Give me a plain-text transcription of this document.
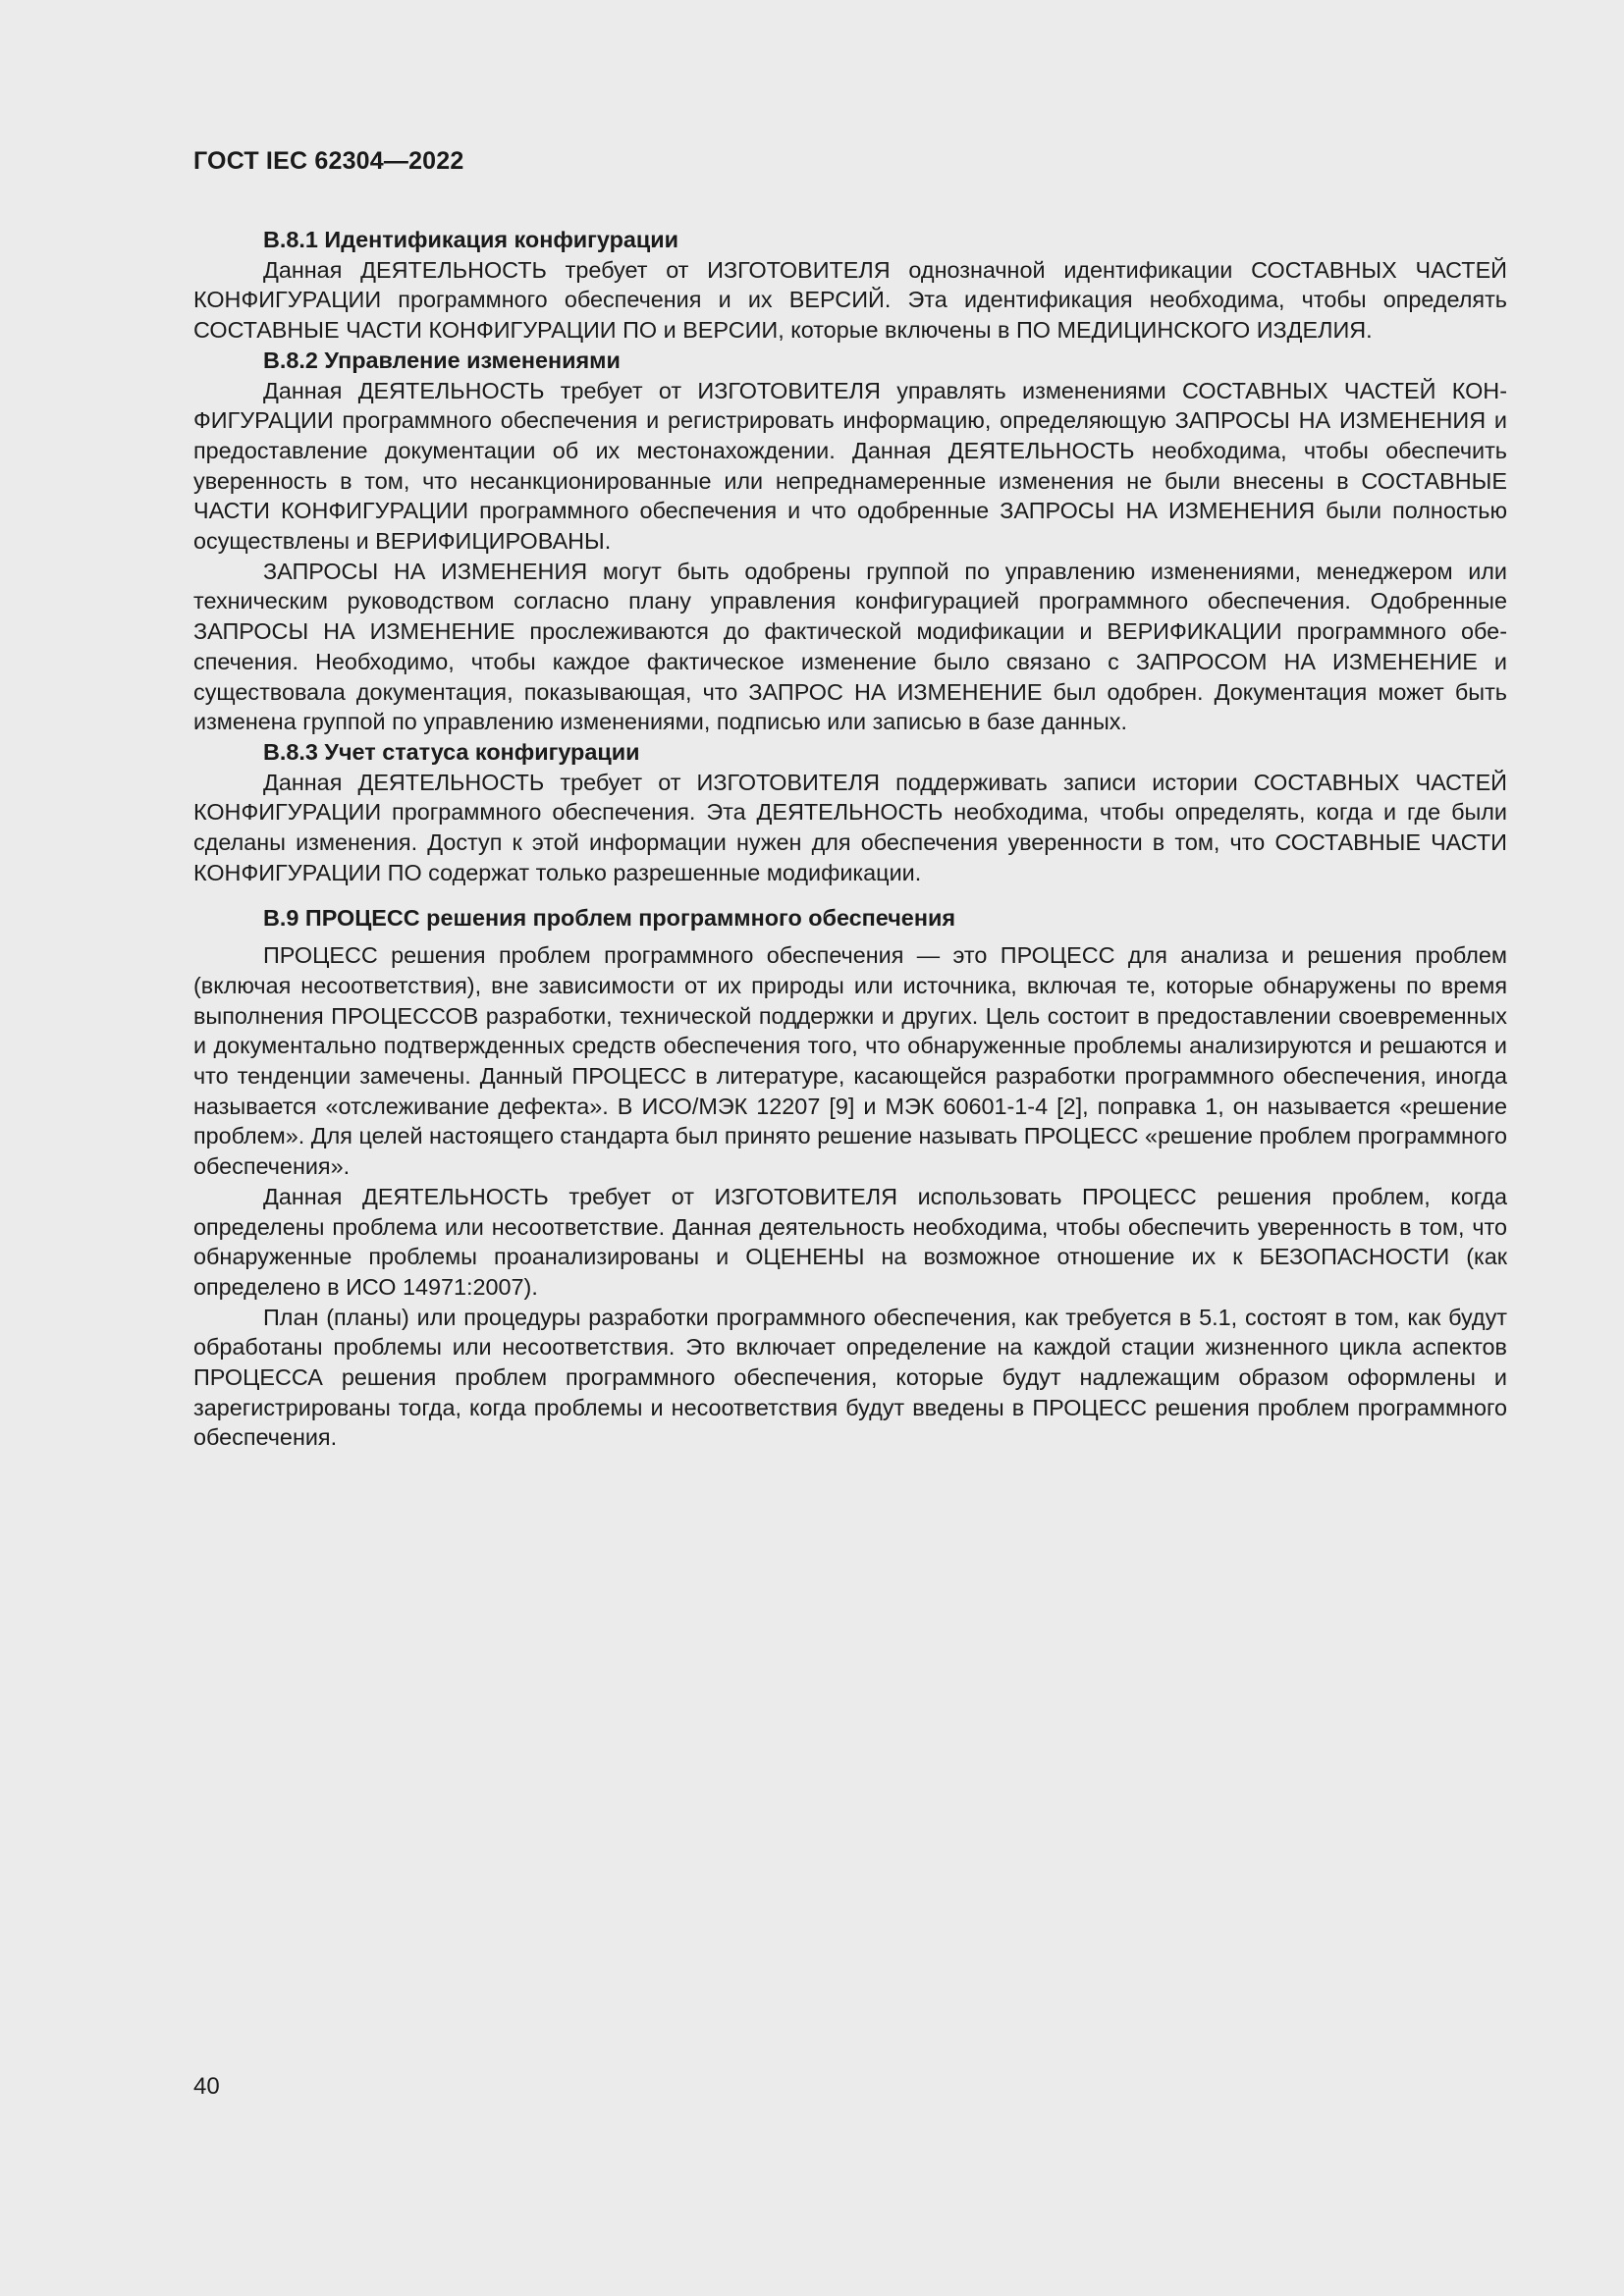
ГОСТ IEC 62304—2022
B.8.1 Идентификация конфигурации

Данная ДЕЯТЕЛЬНОСТЬ требует от ИЗГОТОВИТЕЛЯ однозначной идентификации СОСТАВНЫХ ЧАСТЕЙ КОНФИГУРАЦИИ программного обеспечения и их ВЕРСИЙ. Эта идентификация необходима, чтобы определять СОСТАВНЫЕ ЧАСТИ КОНФИГУРАЦИИ ПО и ВЕРСИИ, которые включены в ПО МЕДИЦИНСКОГО ИЗДЕЛИЯ.

B.8.2 Управление изменениями

Данная ДЕЯТЕЛЬНОСТЬ требует от ИЗГОТОВИТЕЛЯ управлять изменениями СОСТАВНЫХ ЧАСТЕЙ КОНФИГУРАЦИИ программного обеспечения и регистрировать информацию, определяющую ЗАПРОСЫ НА ИЗМЕНЕНИЯ и предоставление документации об их местонахождении. Данная ДЕЯТЕЛЬНОСТЬ необходима, чтобы обеспечить уверенность в том, что несанкционированные или непреднамеренные изменения не были внесены в СОСТАВНЫЕ ЧАСТИ КОНФИГУРАЦИИ программного обеспечения и что одобренные ЗАПРОСЫ НА ИЗМЕНЕНИЯ были полностью осуществлены и ВЕРИФИЦИРОВАНЫ.

ЗАПРОСЫ НА ИЗМЕНЕНИЯ могут быть одобрены группой по управлению изменениями, менеджером или техническим руководством согласно плану управления конфигурацией программного обеспечения. Одобренные ЗАПРОСЫ НА ИЗМЕНЕНИЕ прослеживаются до фактической модификации и ВЕРИФИКАЦИИ программного обеспечения. Необходимо, чтобы каждое фактическое изменение было связано с ЗАПРОСОМ НА ИЗМЕНЕНИЕ и существовала документация, показывающая, что ЗАПРОС НА ИЗМЕНЕНИЕ был одобрен. Документация может быть изменена группой по управлению изменениями, подписью или записью в базе данных.

B.8.3 Учет статуса конфигурации

Данная ДЕЯТЕЛЬНОСТЬ требует от ИЗГОТОВИТЕЛЯ поддерживать записи истории СОСТАВНЫХ ЧАСТЕЙ КОНФИГУРАЦИИ программного обеспечения. Эта ДЕЯТЕЛЬНОСТЬ необходима, чтобы определять, когда и где были сделаны изменения. Доступ к этой информации нужен для обеспечения уверенности в том, что СОСТАВНЫЕ ЧАСТИ КОНФИГУРАЦИИ ПО содержат только разрешенные модификации.

B.9 ПРОЦЕСС решения проблем программного обеспечения

ПРОЦЕСС решения проблем программного обеспечения — это ПРОЦЕСС для анализа и решения проблем (включая несоответствия), вне зависимости от их природы или источника, включая те, которые обнаружены по время выполнения ПРОЦЕССОВ разработки, технической поддержки и других. Цель состоит в предоставлении своевременных и документально подтвержденных средств обеспечения того, что обнаруженные проблемы анализируются и решаются и что тенденции замечены. Данный ПРОЦЕСС в литературе, касающейся разработки программного обеспечения, иногда называется «отслеживание дефекта». В ИСО/МЭК 12207 [9] и МЭК 60601-1-4 [2], поправка 1, он называется «решение проблем». Для целей настоящего стандарта был принято решение называть ПРОЦЕСС «решение проблем программного обеспечения».

Данная ДЕЯТЕЛЬНОСТЬ требует от ИЗГОТОВИТЕЛЯ использовать ПРОЦЕСС решения проблем, когда определены проблема или несоответствие. Данная деятельность необходима, чтобы обеспечить уверенность в том, что обнаруженные проблемы проанализированы и ОЦЕНЕНЫ на возможное отношение их к БЕЗОПАСНОСТИ (как определено в ИСО 14971:2007).

План (планы) или процедуры разработки программного обеспечения, как требуется в 5.1, состоят в том, как будут обработаны проблемы или несоответствия. Это включает определение на каждой стации жизненного цикла аспектов ПРОЦЕССА решения проблем программного обеспечения, которые будут надлежащим образом оформлены и зарегистрированы тогда, когда проблемы и несоответствия будут введены в ПРОЦЕСС решения проблем программного обеспечения.

40
